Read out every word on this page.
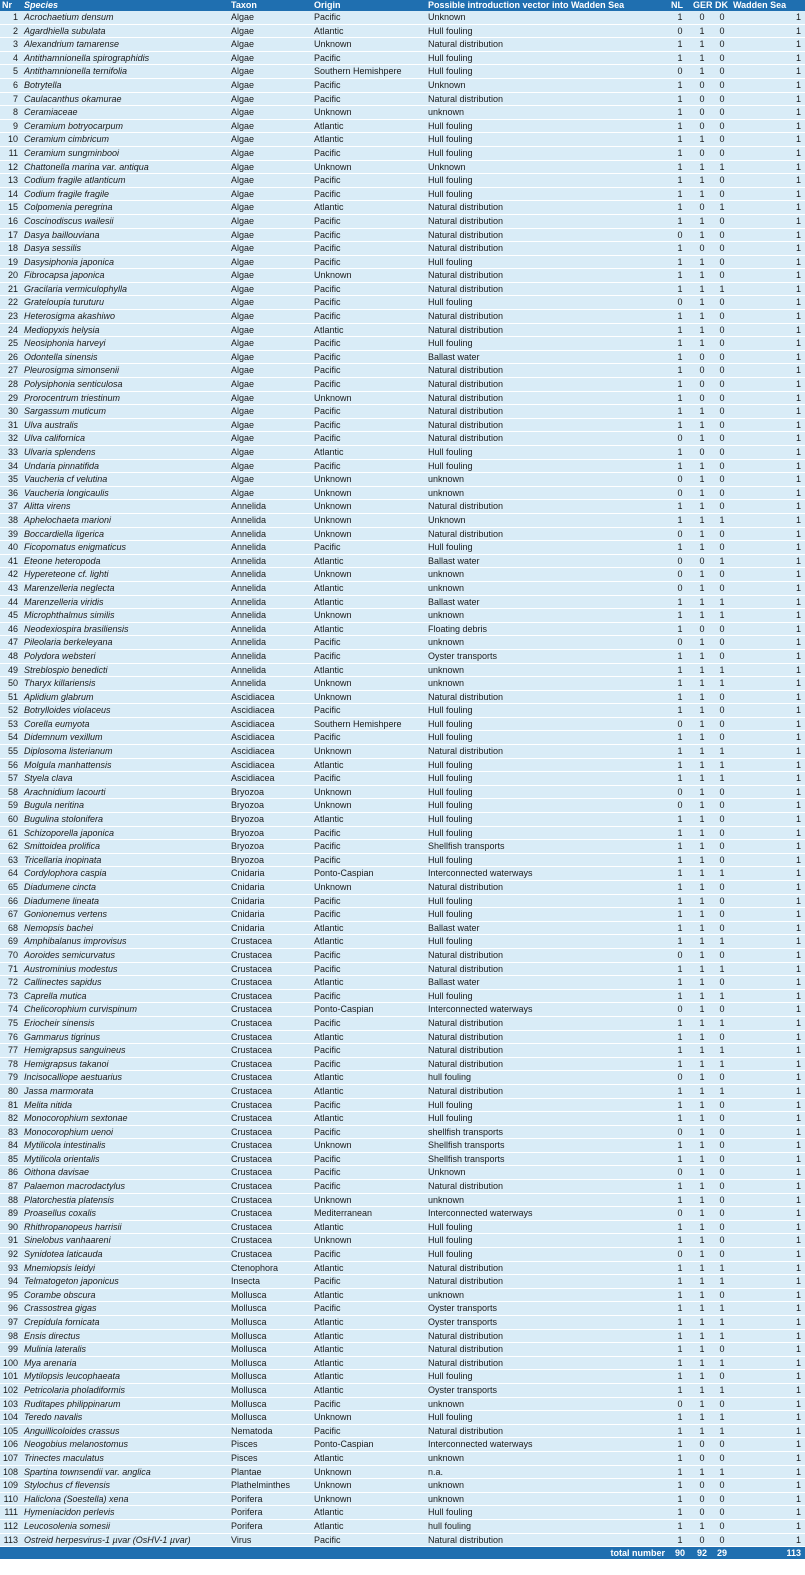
Nr	Species	Taxon	Origin	Possible introduction vector into Wadden Sea	NL	GER	DK	Wadden Sea
1	Acrochaetium densum	Algae	Pacific	Unknown	1	0	0	1
2	Agardhiella subulata	Algae	Atlantic	Hull fouling	0	1	0	1
3	Alexandrium tamarense	Algae	Unknown	Natural distribution	1	1	0	1
4	Antithamnionella spirographidis	Algae	Pacific	Hull fouling	1	1	0	1
5	Antithamnionella ternifolia	Algae	Southern Hemishpere	Hull fouling	0	1	0	1
6	Botrytella	Algae	Pacific	Unknown	1	0	0	1
7	Caulacanthus okamurae	Algae	Pacific	Natural distribution	1	0	0	1
8	Ceramiaceae	Algae	Unknown	unknown	1	0	0	1
9	Ceramium botryocarpum	Algae	Atlantic	Hull fouling	1	0	0	1
10	Ceramium cimbricum	Algae	Atlantic	Hull fouling	1	1	0	1
11	Ceramium sungminbooi	Algae	Pacific	Hull fouling	1	0	0	1
12	Chattonella marina var. antiqua	Algae	Unknown	Unknown	1	1	1	1
13	Codium fragile atlanticum	Algae	Pacific	Hull fouling	1	1	0	1
14	Codium fragile fragile	Algae	Pacific	Hull fouling	1	1	0	1
15	Colpomenia peregrina	Algae	Atlantic	Natural distribution	1	0	1	1
16	Coscinodiscus wailesii	Algae	Pacific	Natural distribution	1	1	0	1
17	Dasya baillouviana	Algae	Pacific	Natural distribution	0	1	0	1
18	Dasya sessilis	Algae	Pacific	Natural distribution	1	0	0	1
19	Dasysiphonia japonica	Algae	Pacific	Hull fouling	1	1	0	1
20	Fibrocapsa japonica	Algae	Unknown	Natural distribution	1	1	0	1
21	Gracilaria vermiculophylla	Algae	Pacific	Natural distribution	1	1	1	1
22	Grateloupia turuturu	Algae	Pacific	Hull fouling	0	1	0	1
23	Heterosigma akashiwo	Algae	Pacific	Natural distribution	1	1	0	1
24	Mediopyxis helysia	Algae	Atlantic	Natural distribution	1	1	0	1
25	Neosiphonia harveyi	Algae	Pacific	Hull fouling	1	1	0	1
26	Odontella sinensis	Algae	Pacific	Ballast water	1	0	0	1
27	Pleurosigma simonsenii	Algae	Pacific	Natural distribution	1	0	0	1
28	Polysiphonia senticulosa	Algae	Pacific	Natural distribution	1	0	0	1
29	Prorocentrum triestinum	Algae	Unknown	Natural distribution	1	0	0	1
30	Sargassum muticum	Algae	Pacific	Natural distribution	1	1	0	1
31	Ulva australis	Algae	Pacific	Natural distribution	1	1	0	1
32	Ulva californica	Algae	Pacific	Natural distribution	0	1	0	1
33	Ulvaria splendens	Algae	Atlantic	Hull fouling	1	0	0	1
34	Undaria pinnatifida	Algae	Pacific	Hull fouling	1	1	0	1
35	Vaucheria cf velutina	Algae	Unknown	unknown	0	1	0	1
36	Vaucheria longicaulis	Algae	Unknown	unknown	0	1	0	1
37	Alitta virens	Annelida	Unknown	Natural distribution	1	1	0	1
38	Aphelochaeta marioni	Annelida	Unknown	Unknown	1	1	1	1
39	Boccardiella ligerica	Annelida	Unknown	Natural distribution	0	1	0	1
40	Ficopomatus enigmaticus	Annelida	Pacific	Hull fouling	1	1	0	1
41	Eteone heteropoda	Annelida	Atlantic	Ballast water	0	0	1	1
42	Hypereteone cf. lighti	Annelida	Unknown	unknown	0	1	0	1
43	Marenzelleria neglecta	Annelida	Atlantic	unknown	0	1	0	1
44	Marenzelleria viridis	Annelida	Atlantic	Ballast water	1	1	1	1
45	Microphthalmus similis	Annelida	Unknown	unknown	1	1	1	1
46	Neodexiospira brasiliensis	Annelida	Atlantic	Floating debris	1	0	0	1
47	Pileolaria berkeleyana	Annelida	Pacific	unknown	0	1	0	1
48	Polydora websteri	Annelida	Pacific	Oyster transports	1	1	0	1
49	Streblospio benedicti	Annelida	Atlantic	unknown	1	1	1	1
50	Tharyx killariensis	Annelida	Unknown	unknown	1	1	1	1
51	Aplidium glabrum	Ascidiacea	Unknown	Natural distribution	1	1	0	1
52	Botrylloides violaceus	Ascidiacea	Pacific	Hull fouling	1	1	0	1
53	Corella eumyota	Ascidiacea	Southern Hemishpere	Hull fouling	0	1	0	1
54	Didemnum vexillum	Ascidiacea	Pacific	Hull fouling	1	1	0	1
55	Diplosoma listerianum	Ascidiacea	Unknown	Natural distribution	1	1	1	1
56	Molgula manhattensis	Ascidiacea	Atlantic	Hull fouling	1	1	1	1
57	Styela clava	Ascidiacea	Pacific	Hull fouling	1	1	1	1
58	Arachnidium lacourti	Bryozoa	Unknown	Hull fouling	0	1	0	1
59	Bugula neritina	Bryozoa	Unknown	Hull fouling	0	1	0	1
60	Bugulina stolonifera	Bryozoa	Atlantic	Hull fouling	1	1	0	1
61	Schizoporella japonica	Bryozoa	Pacific	Hull fouling	1	1	0	1
62	Smittoidea prolifica	Bryozoa	Pacific	Shellfish transports	1	1	0	1
63	Tricellaria inopinata	Bryozoa	Pacific	Hull fouling	1	1	0	1
64	Cordylophora caspia	Cnidaria	Ponto-Caspian	Interconnected waterways	1	1	1	1
65	Diadumene cincta	Cnidaria	Unknown	Natural distribution	1	1	0	1
66	Diadumene lineata	Cnidaria	Pacific	Hull fouling	1	1	0	1
67	Gonionemus vertens	Cnidaria	Pacific	Hull fouling	1	1	0	1
68	Nemopsis bachei	Cnidaria	Atlantic	Ballast water	1	1	0	1
69	Amphibalanus improvisus	Crustacea	Atlantic	Hull fouling	1	1	1	1
70	Aoroides semicurvatus	Crustacea	Pacific	Natural distribution	0	1	0	1
71	Austrominius modestus	Crustacea	Pacific	Natural distribution	1	1	1	1
72	Callinectes sapidus	Crustacea	Atlantic	Ballast water	1	1	0	1
73	Caprella mutica	Crustacea	Pacific	Hull fouling	1	1	1	1
74	Chelicorophium curvispinum	Crustacea	Ponto-Caspian	Interconnected waterways	0	1	0	1
75	Eriocheir sinensis	Crustacea	Pacific	Natural distribution	1	1	1	1
76	Gammarus tigrinus	Crustacea	Atlantic	Natural distribution	1	1	0	1
77	Hemigrapsus sanguineus	Crustacea	Pacific	Natural distribution	1	1	1	1
78	Hemigrapsus takanoi	Crustacea	Pacific	Natural distribution	1	1	1	1
79	Incisocalliope aestuarius	Crustacea	Atlantic	hull fouling	0	1	0	1
80	Jassa marmorata	Crustacea	Atlantic	Natural distribution	1	1	1	1
81	Melita nitida	Crustacea	Pacific	Hull fouling	1	1	0	1
82	Monocorophium sextonae	Crustacea	Atlantic	Hull fouling	1	1	0	1
83	Monocorophium uenoi	Crustacea	Pacific	shellfish transports	0	1	0	1
84	Mytilicola intestinalis	Crustacea	Unknown	Shellfish transports	1	1	0	1
85	Mytilicola orientalis	Crustacea	Pacific	Shellfish transports	1	1	0	1
86	Oithona davisae	Crustacea	Pacific	Unknown	0	1	0	1
87	Palaemon macrodactylus	Crustacea	Pacific	Natural distribution	1	1	0	1
88	Platorchestia platensis	Crustacea	Unknown	unknown	1	1	0	1
89	Proasellus coxalis	Crustacea	Mediterranean	Interconnected waterways	0	1	0	1
90	Rhithropanopeus harrisii	Crustacea	Atlantic	Hull fouling	1	1	0	1
91	Sinelobus vanhaareni	Crustacea	Unknown	Hull fouling	1	1	0	1
92	Synidotea laticauda	Crustacea	Pacific	Hull fouling	0	1	0	1
93	Mnemiopsis leidyi	Ctenophora	Atlantic	Natural distribution	1	1	1	1
94	Telmatogeton japonicus	Insecta	Pacific	Natural distribution	1	1	1	1
95	Corambe obscura	Mollusca	Atlantic	unknown	1	1	0	1
96	Crassostrea gigas	Mollusca	Pacific	Oyster transports	1	1	1	1
97	Crepidula fornicata	Mollusca	Atlantic	Oyster transports	1	1	1	1
98	Ensis directus	Mollusca	Atlantic	Natural distribution	1	1	1	1
99	Mulinia lateralis	Mollusca	Atlantic	Natural distribution	1	1	0	1
100	Mya arenaria	Mollusca	Atlantic	Natural distribution	1	1	1	1
101	Mytilopsis leucophaeata	Mollusca	Atlantic	Hull fouling	1	1	0	1
102	Petricolaria pholadiformis	Mollusca	Atlantic	Oyster transports	1	1	1	1
103	Ruditapes philippinarum	Mollusca	Pacific	unknown	0	1	0	1
104	Teredo navalis	Mollusca	Unknown	Hull fouling	1	1	1	1
105	Anguillicoloides crassus	Nematoda	Pacific	Natural distribution	1	1	1	1
106	Neogobius melanostomus	Pisces	Ponto-Caspian	Interconnected waterways	1	0	0	1
107	Trinectes maculatus	Pisces	Atlantic	unknown	1	0	0	1
108	Spartina townsendii var. anglica	Plantae	Unknown	n.a.	1	1	1	1
109	Stylochus cf flevensis	Plathelminthes	Unknown	unknown	1	0	0	1
110	Haliclona (Soestella) xena	Porifera	Unknown	unknown	1	0	0	1
111	Hymeniacidon perlevis	Porifera	Atlantic	Hull fouling	1	0	0	1
112	Leucosolenia somesii	Porifera	Atlantic	hull fouling	1	1	0	1
113	Ostreid herpesvirus-1 µvar (OsHV-1 µvar)	Virus	Pacific	Natural distribution	1	0	0	1
				total number	90	92	29	113
